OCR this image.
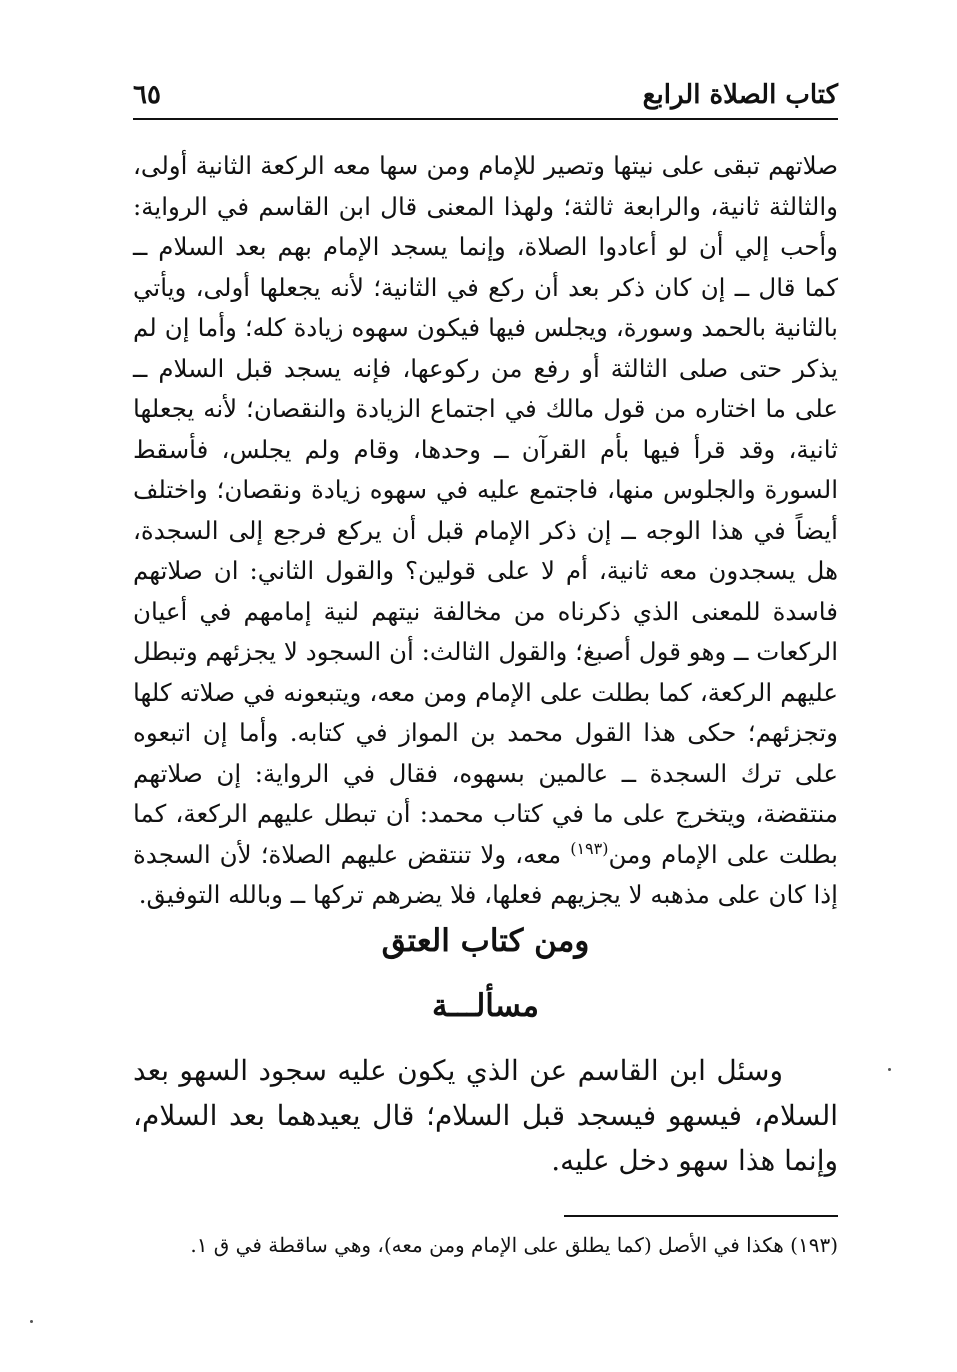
كتاب الصلاة الرابع
٦٥

صلاتهم تبقى على نيتها وتصير للإمام ومن سها معه الركعة الثانية أولى، والثالثة ثانية، والرابعة ثالثة؛ ولهذا المعنى قال ابن القاسم في الرواية: وأحب إلي أن لو أعادوا الصلاة، وإنما يسجد الإمام بهم بعد السلام ــ كما قال ــ إن كان ذكر بعد أن ركع في الثانية؛ لأنه يجعلها أولى، ويأتي بالثانية بالحمد وسورة، ويجلس فيها فيكون سهوه زيادة كله؛ وأما إن لم يذكر حتى صلى الثالثة أو رفع من ركوعها، فإنه يسجد قبل السلام ــ على ما اختاره من قول مالك في اجتماع الزيادة والنقصان؛ لأنه يجعلها ثانية، وقد قرأ فيها بأم القرآن ــ وحدها، وقام ولم يجلس، فأسقط السورة والجلوس منها، فاجتمع عليه في سهوه زيادة ونقصان؛ واختلف أيضاً في هذا الوجه ــ إن ذكر الإمام قبل أن يركع فرجع إلى السجدة، هل يسجدون معه ثانية، أم لا على قولين؟ والقول الثاني: ان صلاتهم فاسدة للمعنى الذي ذكرناه من مخالفة نيتهم لنية إمامهم في أعيان الركعات ــ وهو قول أصبغ؛ والقول الثالث: أن السجود لا يجزئهم وتبطل عليهم الركعة، كما بطلت على الإمام ومن معه، ويتبعونه في صلاته كلها وتجزئهم؛ حكى هذا القول محمد بن المواز في كتابه. وأما إن اتبعوه على ترك السجدة ــ عالمين بسهوه، فقال في الرواية: إن صلاتهم منتقضة، ويتخرج على ما في كتاب محمد: أن تبطل عليهم الركعة، كما بطلت على الإمام ومن$^{(١٩٣)}$ معه، ولا تنتقض عليهم الصلاة؛ لأن السجدة إذا كان على مذهبه لا يجزيهم فعلها، فلا يضرهم تركها ــ وبالله التوفيق.

ومن كتاب العتق
مسألـــة

وسئل ابن القاسم عن الذي يكون عليه سجود السهو بعد السلام، فيسهو فيسجد قبل السلام؛ قال يعيدهما بعد السلام، وإنما هذا سهو دخل عليه.

(١٩٣) هكذا في الأصل (كما يطلق على الإمام ومن معه)، وهي ساقطة في ق ١.
